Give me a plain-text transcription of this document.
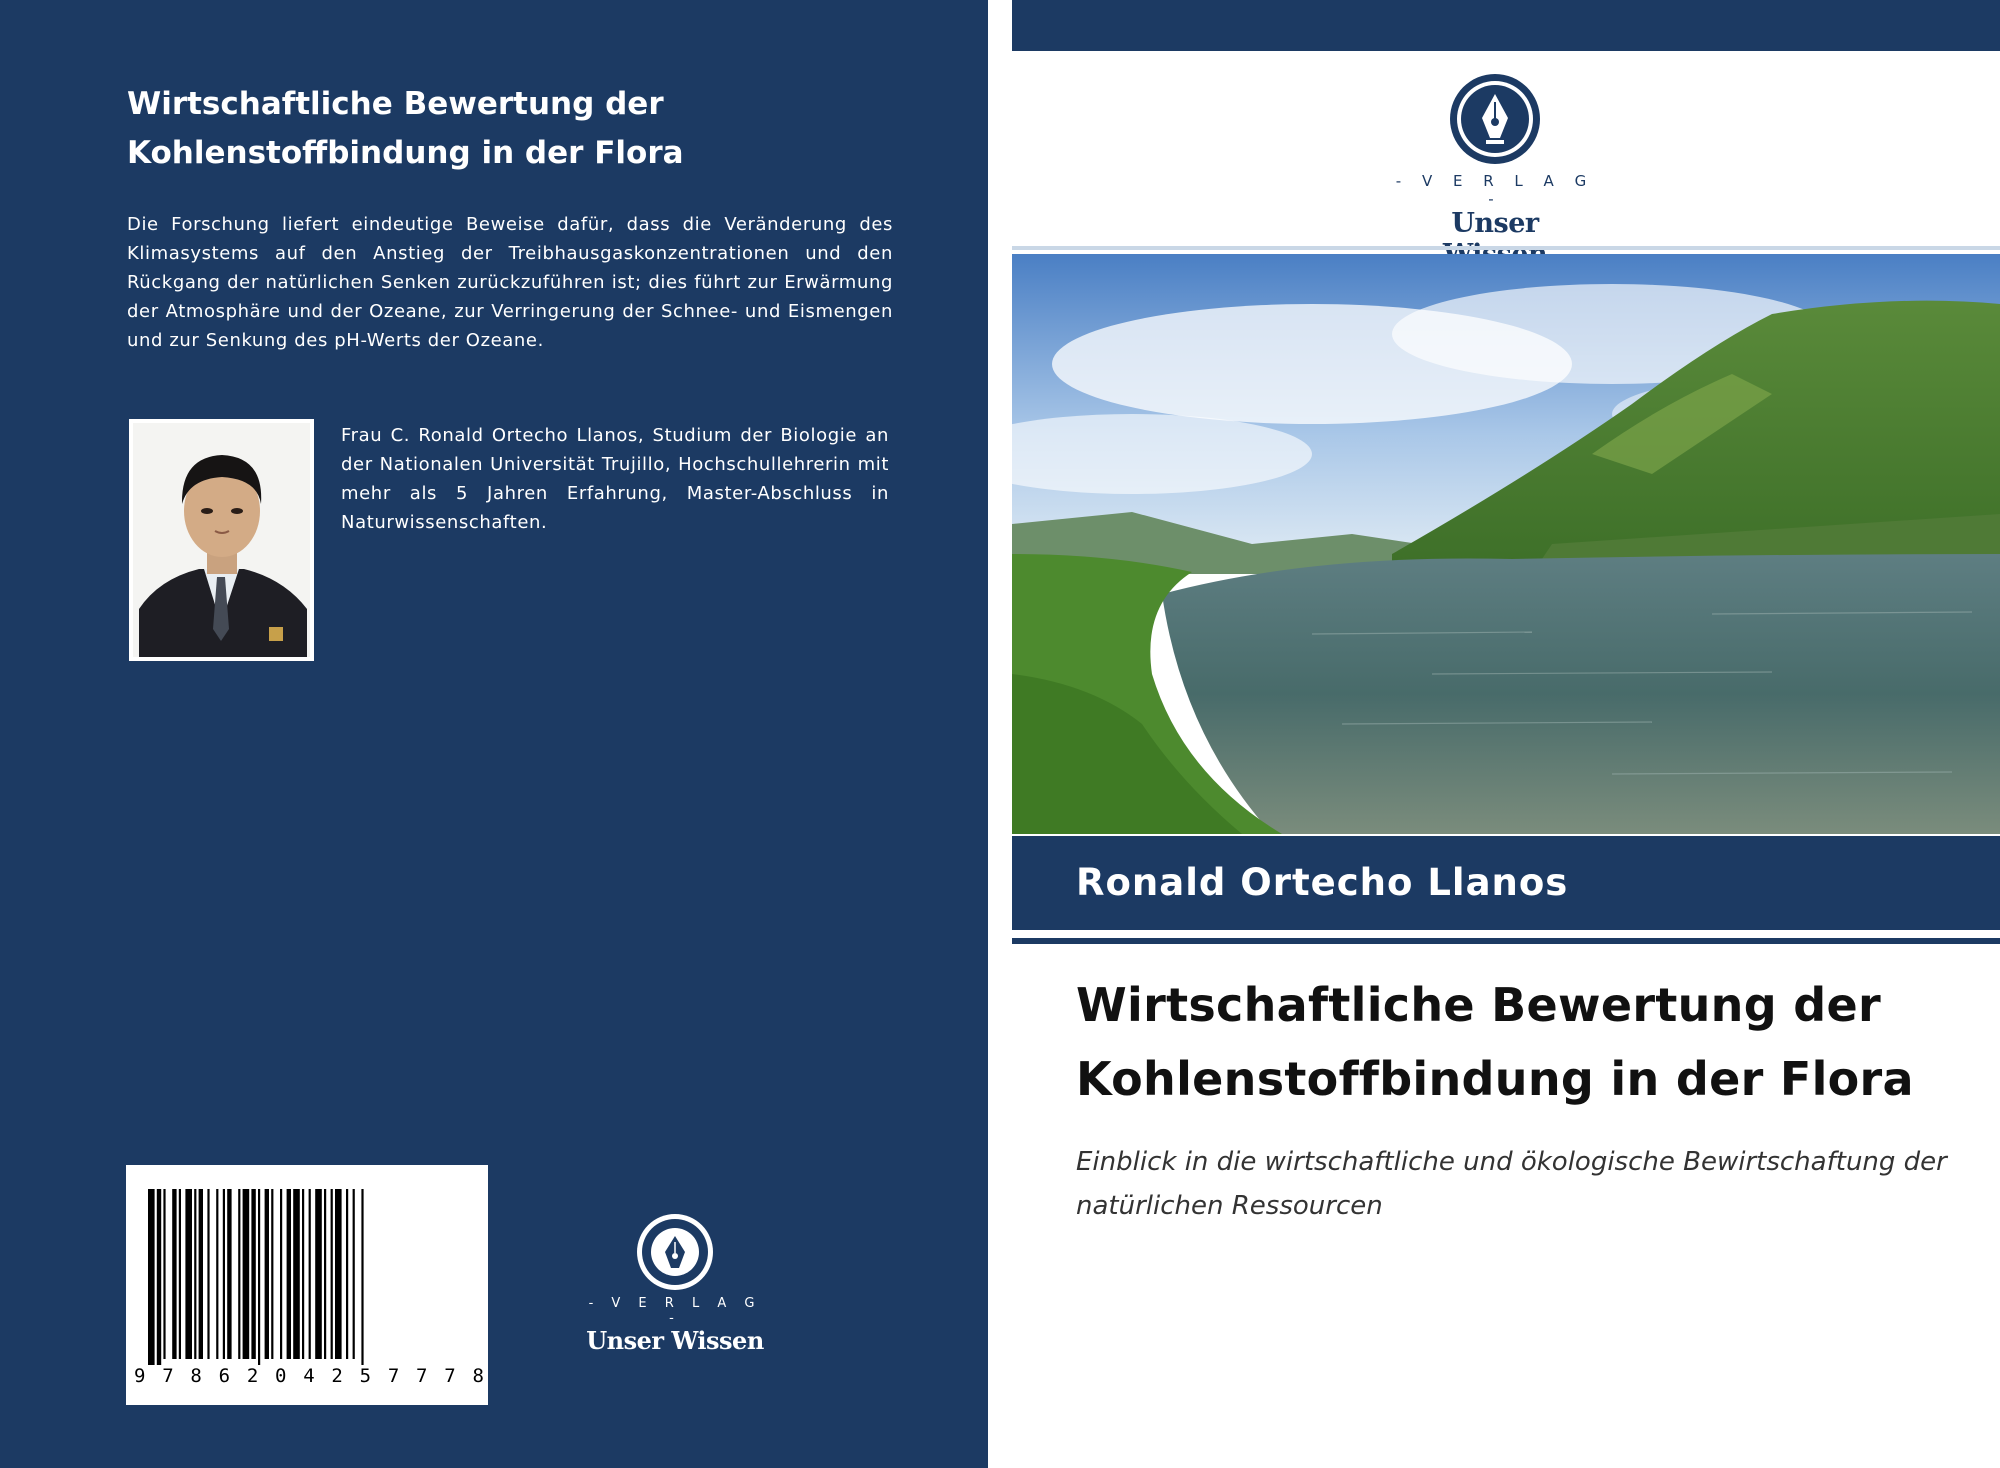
Wirtschaftliche Bewertung der Kohlenstoffbindung in der Flora

Die Forschung liefert eindeutige Beweise dafür, dass die Veränderung des Klimasystems auf den Anstieg der Treibhausgaskonzentrationen und den Rückgang der natürlichen Senken zurückzuführen ist; dies führt zur Erwärmung der Atmosphäre und der Ozeane, zur Verringerung der Schnee- und Eismengen und zur Senkung des pH-Werts der Ozeane.

Frau C. Ronald Ortecho Llanos, Studium der Biologie an der Nationalen Universität Trujillo, Hochschullehrerin mit mehr als 5 Jahren Erfahrung, Master-Abschluss in Naturwissenschaften.

9 7 8 6 2 0 4 2 5 7 7 7 8
- V E R L A G -
Unser Wissen
- V E R L A G -
Unser

Ronald Ortecho Llanos

Wirtschaftliche Bewertung der Kohlenstoffbindung in der Flora

Einblick in die wirtschaftliche und ökologische Bewirtschaftung der natürlichen Ressourcen
